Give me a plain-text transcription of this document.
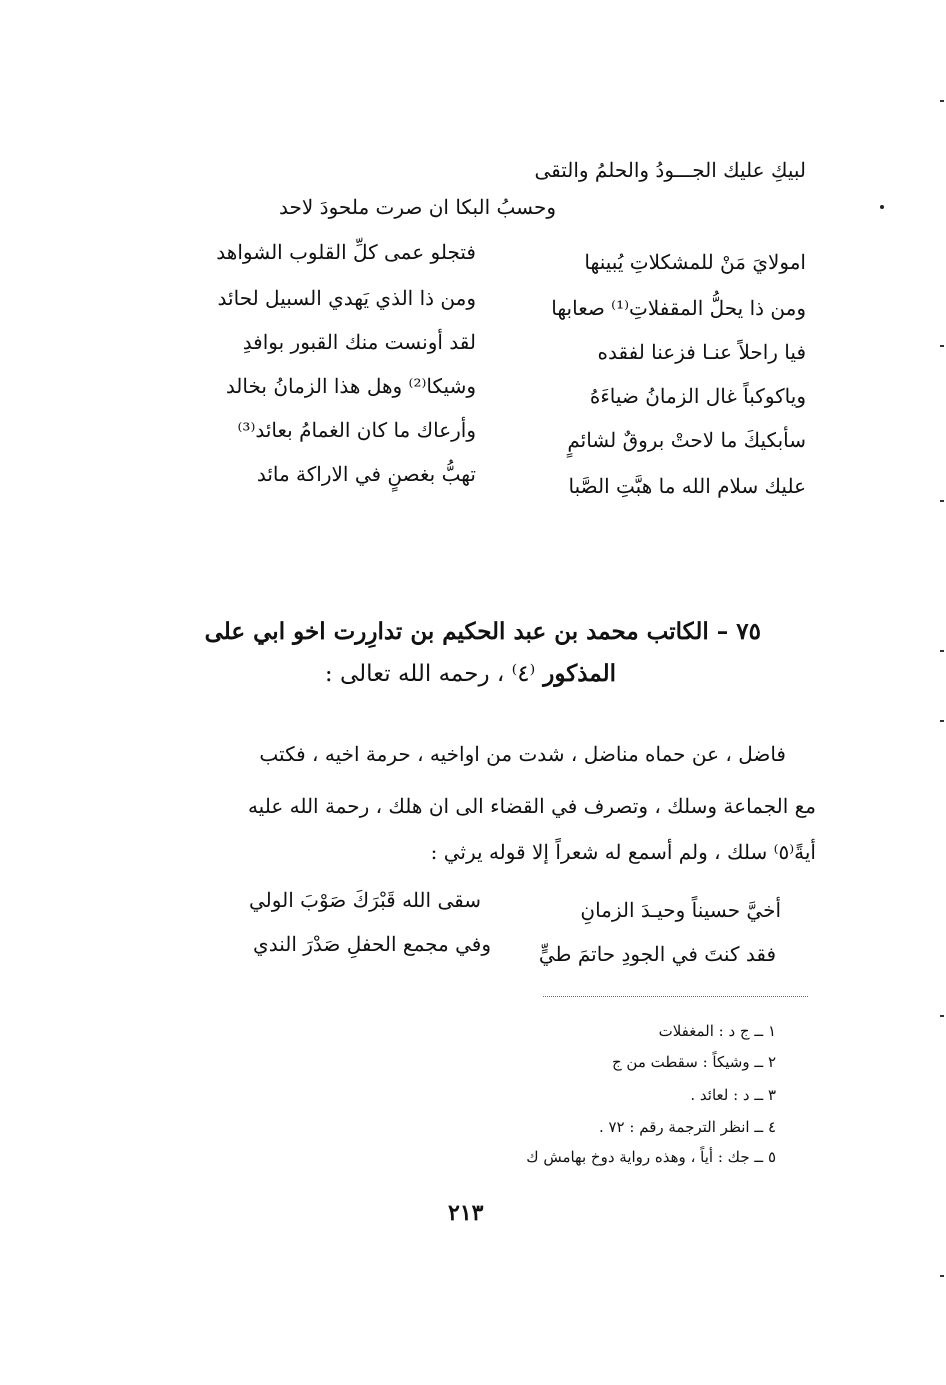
لبيكِ عليك الجـــودُ والحلمُ والتقى
وحسبُ البكا ان صرت ملحودَ لاحد
امولايَ مَنْ للمشكلاتِ يُبينها
فتجلو عمى كلِّ القلوب الشواهد
ومن ذا يحلُّ المقفلاتِ⁽¹⁾ صعابها
ومن ذا الذي يَهدي السبيل لحائد
فيا راحلاً عنـا فزعنا لفقده
لقد أونست منك القبور بوافدِ
وياكوكباً غال الزمانُ ضياءَهُ
وشيكا⁽²⁾ وهل هذا الزمانُ بخالد
سأبكيكَ ما لاحتْ بروقٌ لشائمٍ
وأرعاك ما كان الغمامُ بعائد⁽³⁾
عليك سلام الله ما هبَّتِ الصَّبا
تهبُّ بغصنٍ في الاراكة مائد
٧٥ – الكاتب محمد بن عبد الحكيم بن تدارِرت اخو ابي على
المذكور ⁽٤⁾ ، رحمه الله تعالى :
فاضل ، عن حماه مناضل ، شدت من اواخيه ، حرمة اخيه ، فكتب
مع الجماعة وسلك ، وتصرف في القضاء الى ان هلك ، رحمة الله عليه
أيةً⁽٥⁾ سلك ، ولم أسمع له شعراً إلا قوله يرثي :
أخيَّ حسيناً وحيـدَ الزمانِ
سقى الله قَبْرَكَ صَوْبَ الولي
فقد كنتَ في الجودِ حاتمَ طيٍّ
وفي مجمع الحفلِ صَدْرَ الندي
١ ــ ج د : المغفلات
٢ ــ وشيكاً : سقطت من ج
٣ ــ د : لعائد .
٤ ــ انظر الترجمة رقم : ٧٢ .
٥ ــ جك : أياً ، وهذه رواية دوخ بهامش ك
٢١٣
